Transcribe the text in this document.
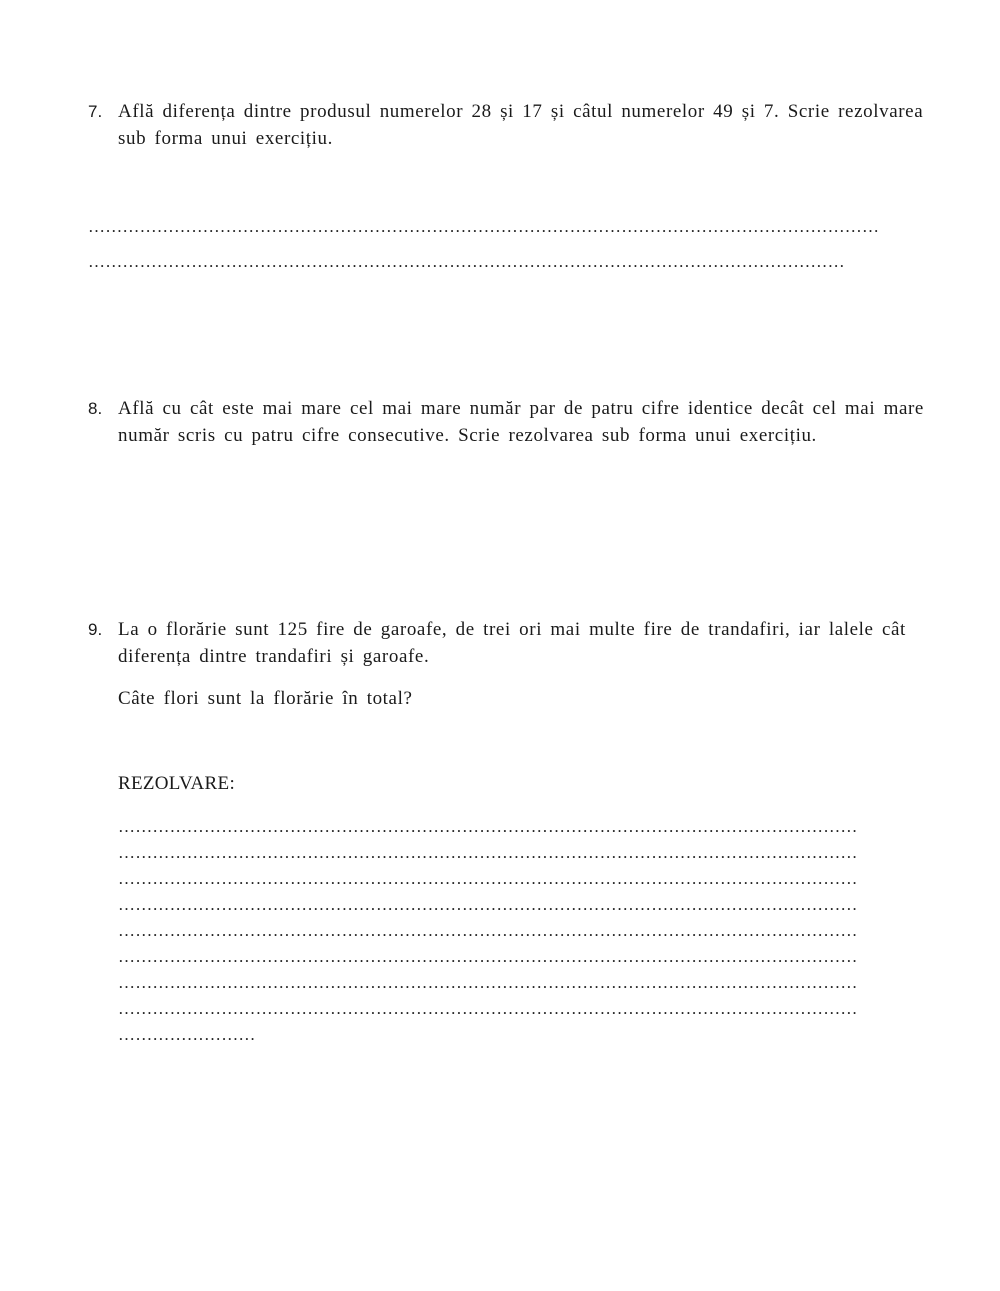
7. Află diferența dintre produsul numerelor 28 și 17 și câtul numerelor 49 și 7. Scrie rezolvarea sub forma unui exercițiu.
…………………………………………………………………………………………………………………………
……………………………………………………………………………………………………………………
8. Află cu cât este mai mare cel mai mare număr par de patru cifre identice decât cel mai mare număr scris cu patru cifre consecutive. Scrie rezolvarea sub forma unui exercițiu.
9. La o florărie sunt 125 fire de garoafe, de trei ori mai multe fire de trandafiri, iar lalele cât diferența dintre trandafiri și garoafe.
Câte flori sunt la florărie în total?
REZOLVARE:
…………………………………………………………………………………………………………………
…………………………………………………………………………………………………………………
…………………………………………………………………………………………………………………
…………………………………………………………………………………………………………………
…………………………………………………………………………………………………………………
…………………………………………………………………………………………………………………
…………………………………………………………………………………………………………………
…………………………………………………………………………………………………………………
……………………
